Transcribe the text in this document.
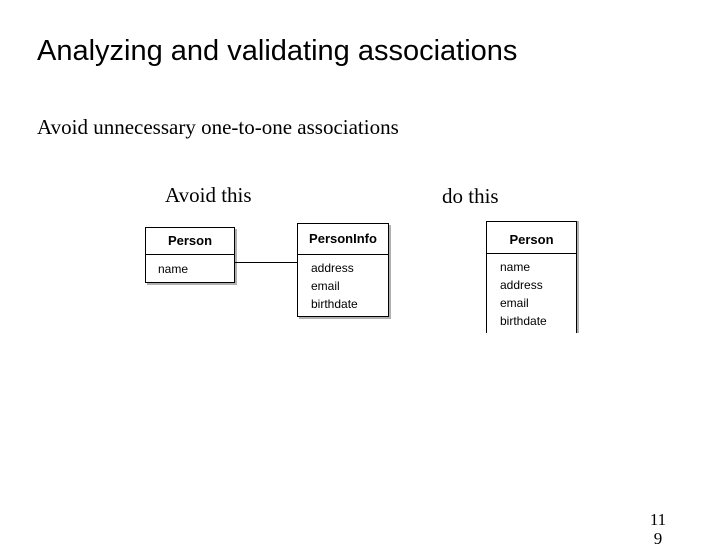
Analyzing and validating associations
Avoid unnecessary one-to-one associations
Avoid this	do this
Person
name
PersonInfo
address
email
birthdate
Person
name
address
email
birthdate
11
9
